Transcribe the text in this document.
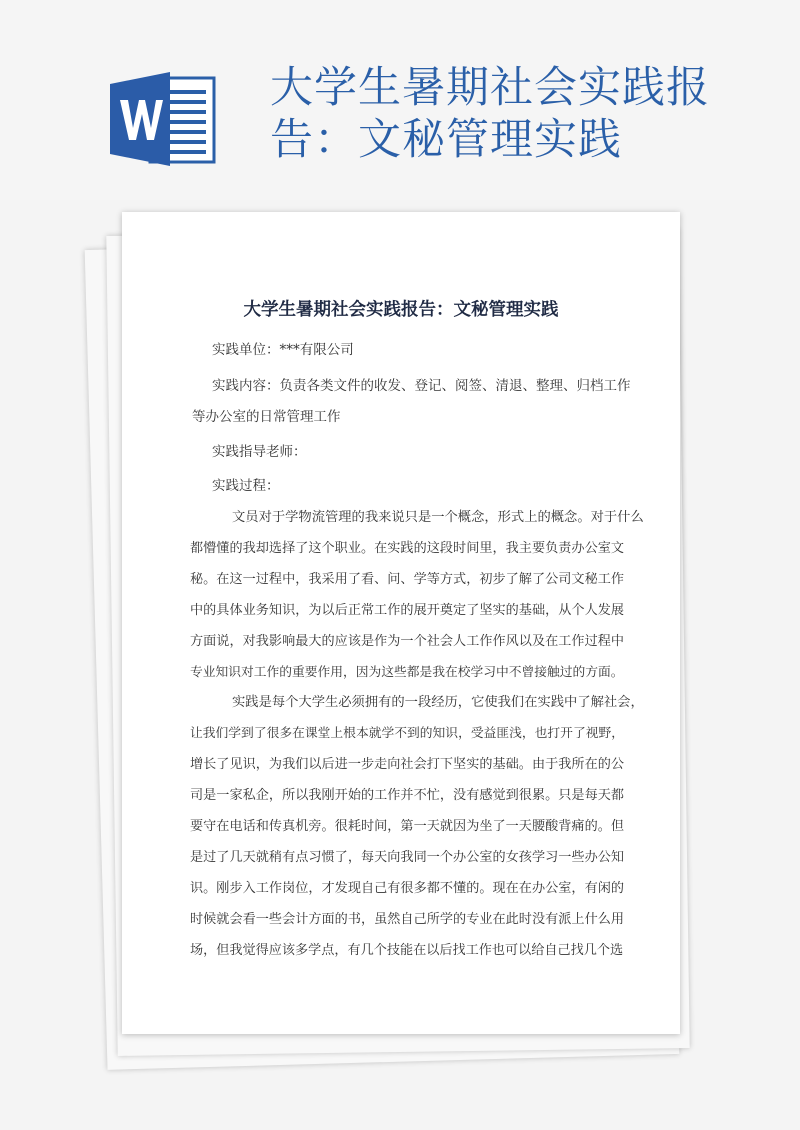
大学生暑期社会实践报
告：文秘管理实践
大学生暑期社会实践报告：文秘管理实践
实践单位：***有限公司
实践内容：负责各类文件的收发、登记、阅签、清退、整理、归档工作
等办公室的日常管理工作
实践指导老师：
实践过程：
文员对于学物流管理的我来说只是一个概念，形式上的概念。对于什么
都懵懂的我却选择了这个职业。在实践的这段时间里，我主要负责办公室文
秘。在这一过程中，我采用了看、问、学等方式，初步了解了公司文秘工作
中的具体业务知识，为以后正常工作的展开奠定了坚实的基础，从个人发展
方面说，对我影响最大的应该是作为一个社会人工作作风以及在工作过程中
专业知识对工作的重要作用，因为这些都是我在校学习中不曾接触过的方面。
实践是每个大学生必须拥有的一段经历，它使我们在实践中了解社会，
让我们学到了很多在课堂上根本就学不到的知识，受益匪浅，也打开了视野，
增长了见识，为我们以后进一步走向社会打下坚实的基础。由于我所在的公
司是一家私企，所以我刚开始的工作并不忙，没有感觉到很累。只是每天都
要守在电话和传真机旁。很耗时间，第一天就因为坐了一天腰酸背痛的。但
是过了几天就稍有点习惯了，每天向我同一个办公室的女孩学习一些办公知
识。刚步入工作岗位，才发现自己有很多都不懂的。现在在办公室，有闲的
时候就会看一些会计方面的书，虽然自己所学的专业在此时没有派上什么用
场，但我觉得应该多学点，有几个技能在以后找工作也可以给自己找几个选
